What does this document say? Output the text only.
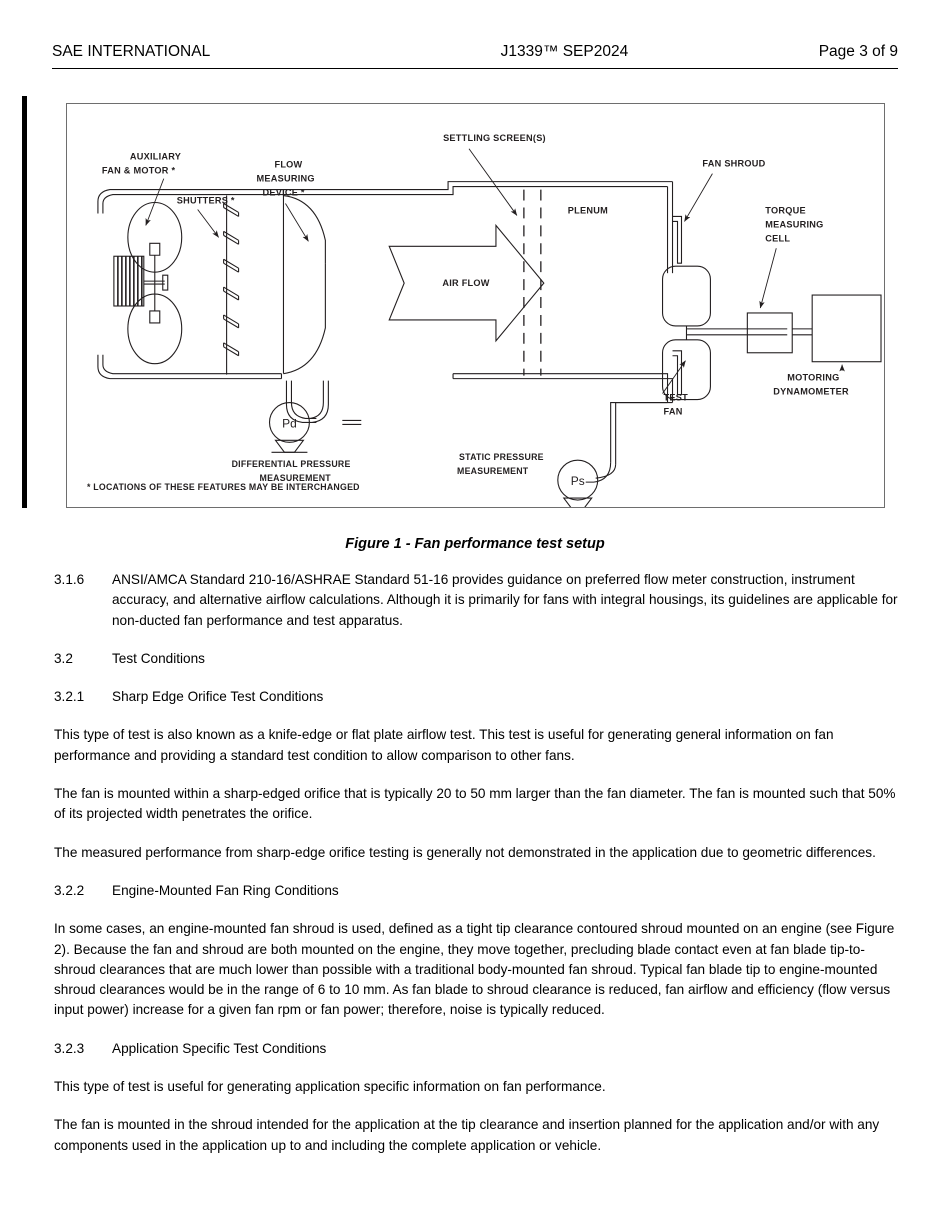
SAE INTERNATIONAL	J1339™ SEP2024	Page 3 of 9
AIR FLOW
Pd
Ps
AUXILIARY
FAN & MOTOR *
SHUTTERS *
FLOW
MEASURING
DEVICE *
SETTLING SCREEN(S)
PLENUM
FAN SHROUD
TORQUE
MEASURING
CELL
MOTORING
DYNAMOMETER
TEST
FAN
DIFFERENTIAL PRESSURE
MEASUREMENT
STATIC PRESSURE
MEASUREMENT
* LOCATIONS OF THESE FEATURES MAY BE INTERCHANGED
Figure 1 - Fan performance test setup
3.1.6	ANSI/AMCA Standard 210-16/ASHRAE Standard 51-16 provides guidance on preferred flow meter construction, instrument accuracy, and alternative airflow calculations. Although it is primarily for fans with integral housings, its guidelines are applicable for non-ducted fan performance and test apparatus.
3.2	Test Conditions
3.2.1	Sharp Edge Orifice Test Conditions

This type of test is also known as a knife-edge or flat plate airflow test. This test is useful for generating general information on fan performance and providing a standard test condition to allow comparison to other fans.

The fan is mounted within a sharp-edged orifice that is typically 20 to 50 mm larger than the fan diameter. The fan is mounted such that 50% of its projected width penetrates the orifice.

The measured performance from sharp-edge orifice testing is generally not demonstrated in the application due to geometric differences.

3.2.2	Engine-Mounted Fan Ring Conditions

In some cases, an engine-mounted fan shroud is used, defined as a tight tip clearance contoured shroud mounted on an engine (see Figure 2). Because the fan and shroud are both mounted on the engine, they move together, precluding blade contact even at fan blade tip-to-shroud clearances that are much lower than possible with a traditional body-mounted fan shroud. Typical fan blade tip to engine-mounted shroud clearances would be in the range of 6 to 10 mm. As fan blade to shroud clearance is reduced, fan airflow and efficiency (flow versus input power) increase for a given fan rpm or fan power; therefore, noise is typically reduced.

3.2.3	Application Specific Test Conditions

This type of test is useful for generating application specific information on fan performance.

The fan is mounted in the shroud intended for the application at the tip clearance and insertion planned for the application and/or with any components used in the application up to and including the complete application or vehicle.
